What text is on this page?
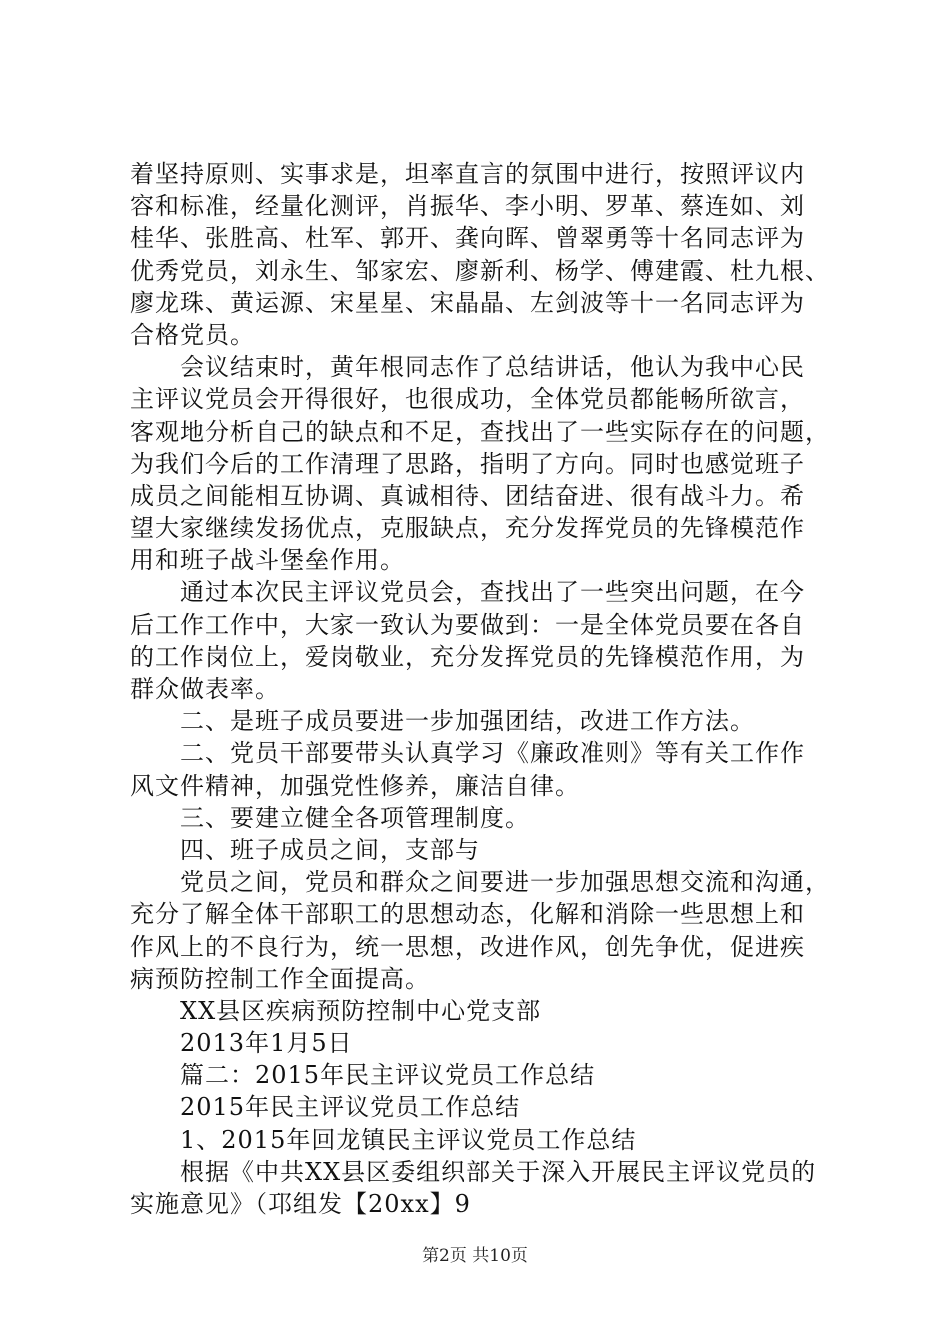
着坚持原则、实事求是，坦率直言的氛围中进行，按照评议内
容和标准，经量化测评，肖振华、李小明、罗革、蔡连如、刘
桂华、张胜高、杜军、郭开、龚向晖、曾翠勇等十名同志评为
优秀党员，刘永生、邹家宏、廖新利、杨学、傅建霞、杜九根、
廖龙珠、黄运源、宋星星、宋晶晶、左剑波等十一名同志评为
合格党员。
会议结束时，黄年根同志作了总结讲话，他认为我中心民
主评议党员会开得很好，也很成功，全体党员都能畅所欲言，
客观地分析自己的缺点和不足，查找出了一些实际存在的问题，
为我们今后的工作清理了思路，指明了方向。同时也感觉班子
成员之间能相互协调、真诚相待、团结奋进、很有战斗力。希
望大家继续发扬优点，克服缺点，充分发挥党员的先锋模范作
用和班子战斗堡垒作用。
通过本次民主评议党员会，查找出了一些突出问题，在今
后工作工作中，大家一致认为要做到：一是全体党员要在各自
的工作岗位上，爱岗敬业，充分发挥党员的先锋模范作用，为
群众做表率。
二、是班子成员要进一步加强团结，改进工作方法。
二、党员干部要带头认真学习《廉政准则》等有关工作作
风文件精神，加强党性修养，廉洁自律。
三、要建立健全各项管理制度。
四、班子成员之间，支部与
党员之间，党员和群众之间要进一步加强思想交流和沟通，
充分了解全体干部职工的思想动态，化解和消除一些思想上和
作风上的不良行为，统一思想，改进作风，创先争优，促进疾
病预防控制工作全面提高。
XX县区疾病预防控制中心党支部
2013年1月5日
篇二：2015年民主评议党员工作总结
2015年民主评议党员工作总结
1、2015年回龙镇民主评议党员工作总结
根据《中共XX县区委组织部关于深入开展民主评议党员的
实施意见》（邛组发【20xx】9
第2页 共10页
